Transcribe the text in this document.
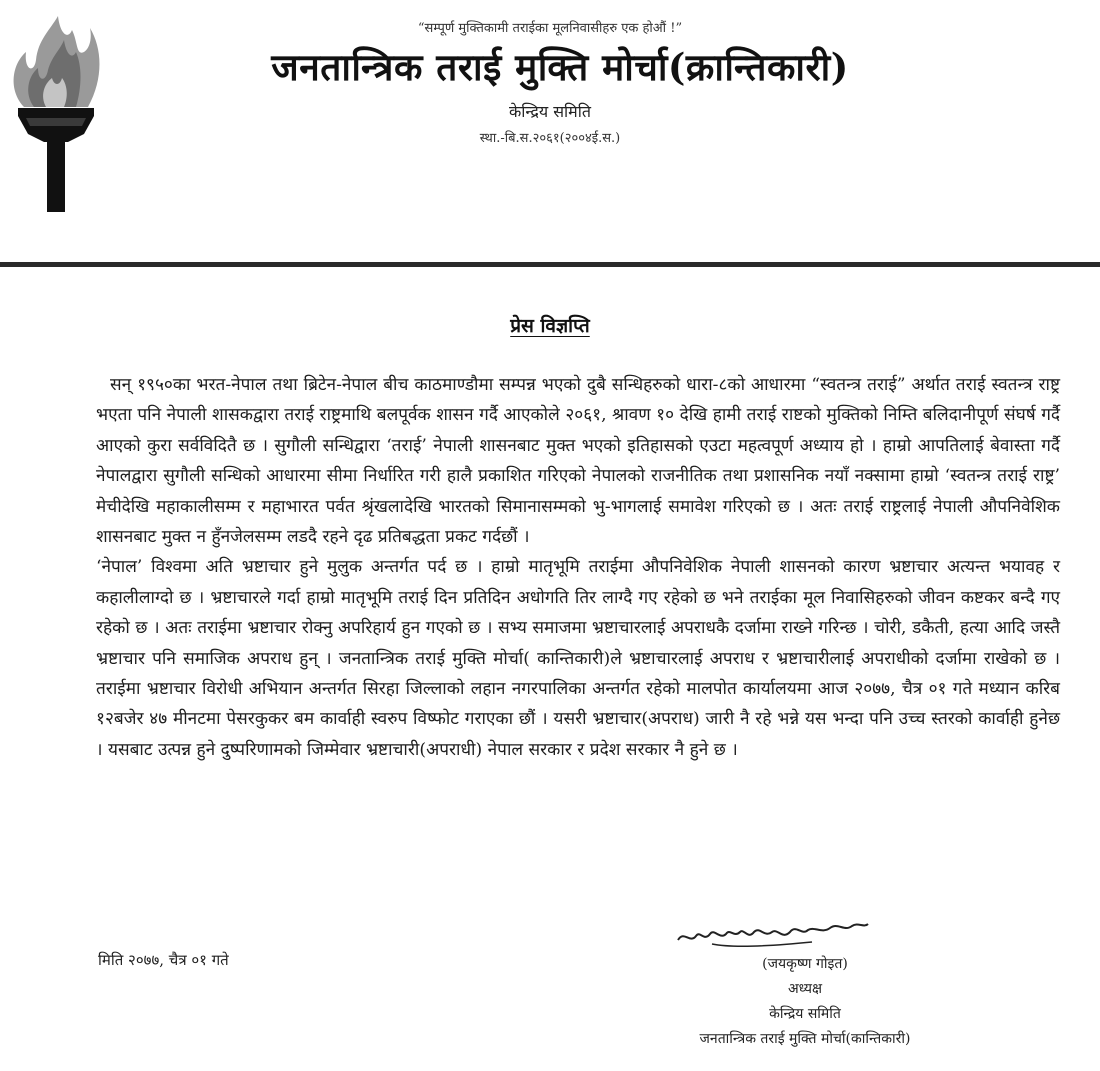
“सम्पूर्ण मुक्तिकामी तराईका मूलनिवासीहरु एक होऔं !”
जनतान्त्रिक तराई मुक्ति मोर्चा(क्रान्तिकारी)
केन्द्रिय समिति
स्था.-बि.स.२०६१(२००४ई.स.)
प्रेस विज्ञप्ति

सन् १९५०का भरत-नेपाल तथा ब्रिटेन-नेपाल बीच काठमाण्डौमा सम्पन्न भएको दुबै सन्धिहरुको धारा-८को आधारमा “स्वतन्त्र तराई” अर्थात तराई स्वतन्त्र राष्ट्र भएता पनि नेपाली शासकद्वारा तराई राष्ट्रमाथि बलपूर्वक शासन गर्दै आएकोले २०६१, श्रावण १० देखि हामी तराई राष्टको मुक्तिको निम्ति बलिदानीपूर्ण संघर्ष गर्दै आएको कुरा सर्वविदितै छ । सुगौली सन्धिद्वारा ‘तराई’ नेपाली शासनबाट मुक्त भएको इतिहासको एउटा महत्वपूर्ण अध्याय हो । हाम्रो आपतिलाई बेवास्ता गर्दै नेपालद्वारा सुगौली सन्धिको आधारमा सीमा निर्धारित गरी हालै प्रकाशित गरिएको नेपालको राजनीतिक तथा प्रशासनिक नयाँ नक्सामा हाम्रो ‘स्वतन्त्र तराई राष्ट्र’ मेचीदेखि महाकालीसम्म र महाभारत पर्वत श्रृंखलादेखि भारतको सिमानासम्मको भु-भागलाई समावेश गरिएको छ । अतः तराई राष्ट्रलाई नेपाली औपनिवेशिक शासनबाट मुक्त न हुँनजेलसम्म लडदै रहने दृढ प्रतिबद्धता प्रकट गर्दछौं ।

‘नेपाल’ विश्वमा अति भ्रष्टाचार हुने मुलुक अन्तर्गत पर्द छ । हाम्रो मातृभूमि तराईमा औपनिवेशिक नेपाली शासनको कारण भ्रष्टाचार अत्यन्त भयावह र कहालीलाग्दो छ । भ्रष्टाचारले गर्दा हाम्रो मातृभूमि तराई दिन प्रतिदिन अधोगति तिर लाग्दै गए रहेको छ भने तराईका मूल निवासिहरुको जीवन कष्टकर बन्दै गए रहेको छ । अतः तराईमा भ्रष्टाचार रोक्नु अपरिहार्य हुन गएको छ । सभ्य समाजमा भ्रष्टाचारलाई अपराधकै दर्जामा राख्ने गरिन्छ । चोरी, डकैती, हत्या आदि जस्तै भ्रष्टाचार पनि समाजिक अपराध हुन् । जनतान्त्रिक तराई मुक्ति मोर्चा( कान्तिकारी)ले भ्रष्टाचारलाई अपराध र भ्रष्टाचारीलाई अपराधीको दर्जामा राखेको छ । तराईमा भ्रष्टाचार विरोधी अभियान अन्तर्गत सिरहा जिल्लाको लहान नगरपालिका अन्तर्गत रहेको मालपोत कार्यालयमा आज २०७७, चैत्र ०१ गते मध्यान करिब १२बजेर ४७ मीनटमा पेसरकुकर बम कार्वाही स्वरुप विष्फोट गराएका छौं । यसरी भ्रष्टाचार(अपराध) जारी नै रहे भन्ने यस भन्दा पनि उच्च स्तरको कार्वाही हुनेछ । यसबाट उत्पन्न हुने दुष्परिणामको जिम्मेवार भ्रष्टाचारी(अपराधी) नेपाल सरकार र प्रदेश सरकार नै हुने छ ।

मिति २०७७, चैत्र ०१ गते	(जयकृष्ण गोइत)
अध्यक्ष
केन्द्रिय समिति
जनतान्त्रिक तराई मुक्ति मोर्चा(कान्तिकारी)
